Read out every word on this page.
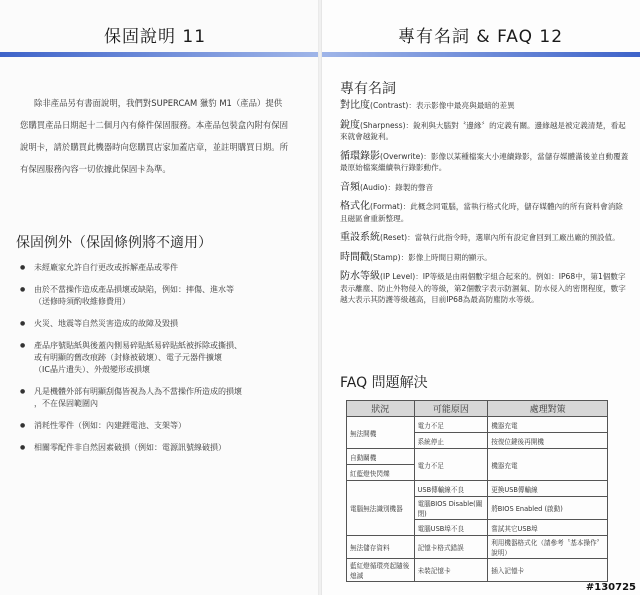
保固說明 11
除非產品另有書面說明，我們對SUPERCAM 獵豹 M1（產品）提供您購買產品日期起十二個月內有條件保固服務。本產品包裝盒內附有保固說明卡，請於購買此機器時向您購買店家加蓋店章，並註明購買日期。所有保固服務內容一切依據此保固卡為準。
保固例外（保固條例將不適用）
● 未經廠家允許自行更改或拆解產品或零件
● 由於不當操作造成產品損壞或缺陷，例如：摔傷、進水等
（送修時須酌收維修費用）
● 火災、地震等自然災害造成的故障及毀損
● 產品序號貼紙與後蓋內側易碎貼紙易碎貼紙被拆除或撕損、
或有明顯的舊改痕跡（封條被破壞）、電子元器件擴壞
（IC晶片遺失）、外殼變形或損壞
● 凡是機體外部有明顯刮傷皆視為人為不當操作所造成的損壞
，不在保固範圍內
● 消耗性零件（例如：內建鋰電池、支架等）
● 相關零配件非自然因素破損（例如：電源訊號線破損）
專有名詞 & FAQ 12
專有名詞
對比度(Contrast)：表示影像中最亮與最暗的差異
銳度(Sharpness)：銳利與大腦對〝邊緣〞的定義有關。邊緣越是被定義清楚，看起來就會越銳利。
循環錄影(Overwrite)：影像以某種檔案大小連續錄影，當儲存媒體滿後並自動覆蓋最原始檔案繼續執行錄影動作。
音頻(Audio)：錄製的聲音
格式化(Format)：此概念同電腦，當執行格式化時，儲存媒體內的所有資料會消除且磁區會重新整理。
重設系統(Reset)：當執行此指令時，選單內所有設定會回到工廠出廠的預設值。
時間戳(Stamp)：影像上時間日期的顯示。
防水等級(IP Level)：IP等級是由兩個數字組合起來的。例如：IP68中，第1個數字表示離塵、防止外物侵入的等級，第2個數字表示防濕氣、防水侵入的密閉程度，數字越大表示其防護等級越高，目前IP68為最高防塵防水等級。
FAQ 問題解決
狀況	可能原因	處理對策
無法開機	電力不足	機器充電
	系統停止	按復位鍵後再開機
自動關機	電力不足	機器充電
紅藍燈快閃爍		
電腦無法識別機器	USB傳輸線不良	更換USB傳輸線
	電腦BIOS Disable(關閉)	將BIOS Enabled (啟動)
	電腦USB埠不良	嘗試其它USB埠
無法儲存資料	記憶卡格式錯誤	利用機器格式化（請參考〝基本操作〞說明）
藍紅燈循環亮起隨後熄滅	未裝記憶卡	插入記憶卡
#130725
